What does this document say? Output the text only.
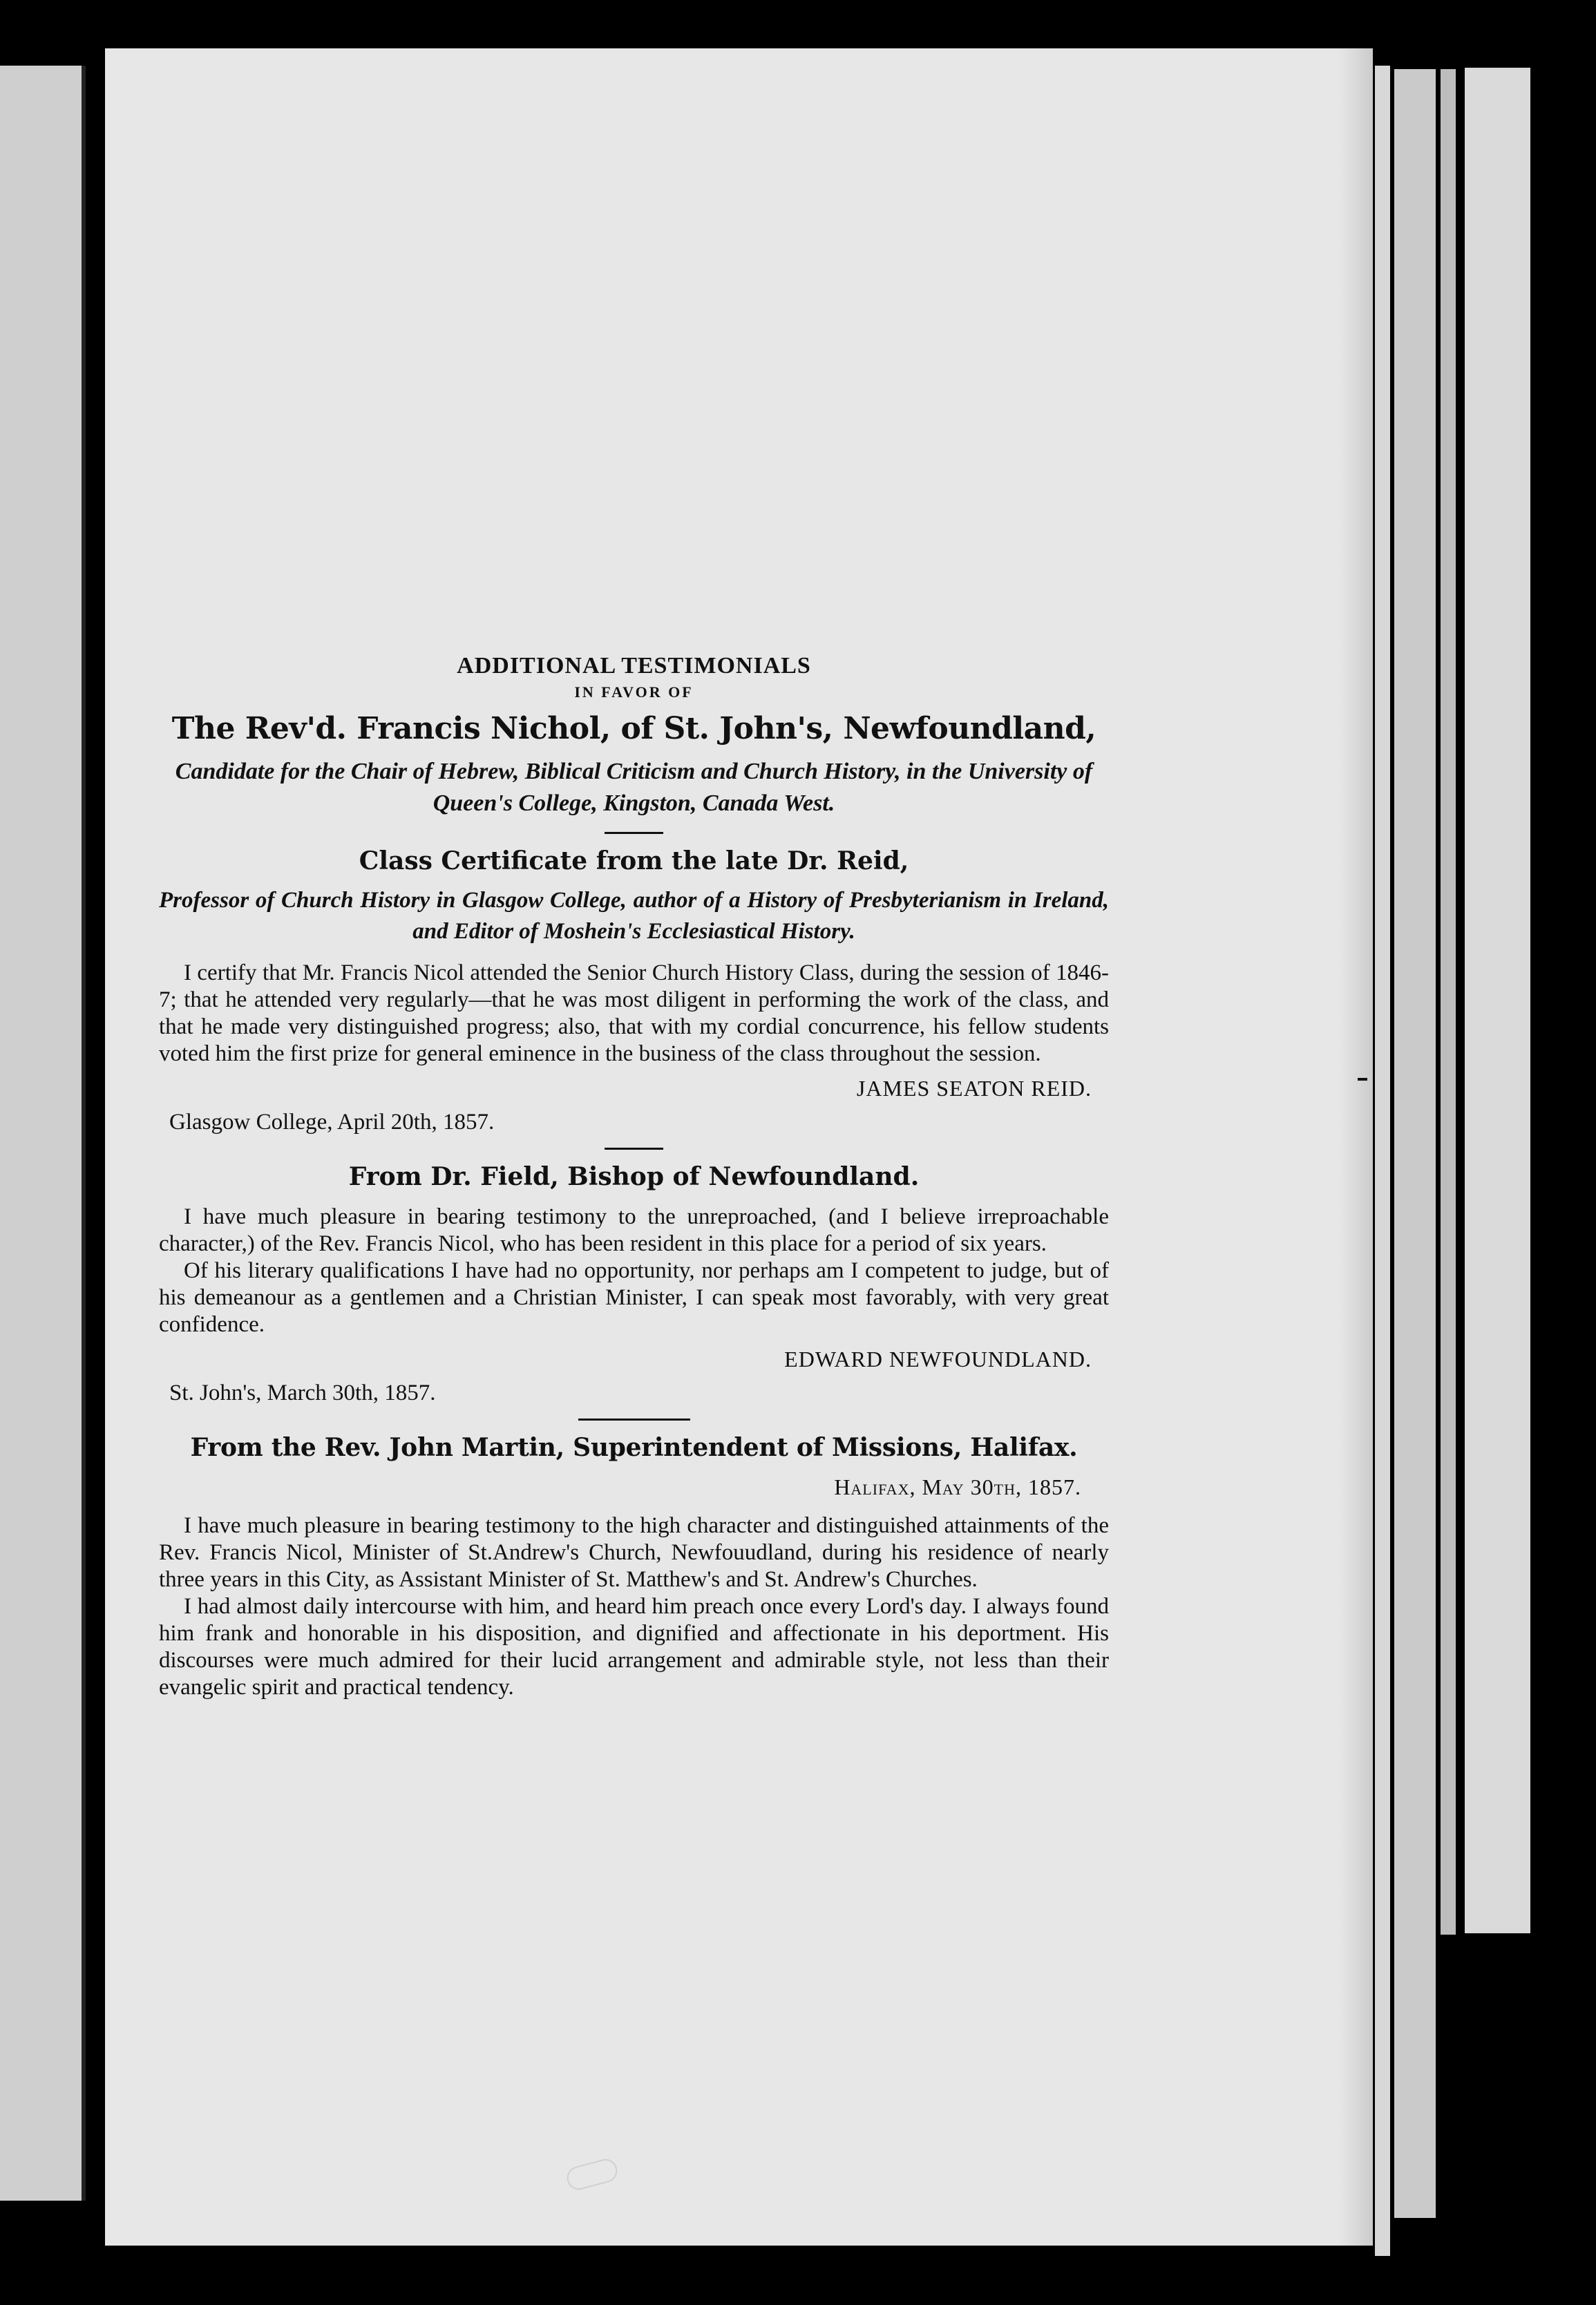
ADDITIONAL TESTIMONIALS

IN FAVOR OF

The Rev'd. Francis Nichol, of St. John's, Newfoundland,

Candidate for the Chair of Hebrew, Biblical Criticism and Church History, in the University of Queen's College, Kingston, Canada West.

Class Certificate from the late Dr. Reid,

Professor of Church History in Glasgow College, author of a History of Presbyterianism in Ireland, and Editor of Moshein's Ecclesiastical History.

I certify that Mr. Francis Nicol attended the Senior Church History Class, during the session of 1846-7; that he attended very regularly—that he was most diligent in performing the work of the class, and that he made very distinguished progress; also, that with my cordial concurrence, his fellow students voted him the first prize for general eminence in the business of the class throughout the session.

JAMES SEATON REID.

Glasgow College, April 20th, 1857.

From Dr. Field, Bishop of Newfoundland.

I have much pleasure in bearing testimony to the unreproached, (and I believe irreproachable character,) of the Rev. Francis Nicol, who has been resident in this place for a period of six years.

Of his literary qualifications I have had no opportunity, nor perhaps am I competent to judge, but of his demeanour as a gentlemen and a Christian Minister, I can speak most favorably, with very great confidence.

EDWARD NEWFOUNDLAND.

St. John's, March 30th, 1857.

From the Rev. John Martin, Superintendent of Missions, Halifax.

Halifax, May 30th, 1857.

I have much pleasure in bearing testimony to the high character and distinguished attainments of the Rev. Francis Nicol, Minister of St.Andrew's Church, Newfouudland, during his residence of nearly three years in this City, as Assistant Minister of St. Matthew's and St. Andrew's Churches.

I had almost daily intercourse with him, and heard him preach once every Lord's day. I always found him frank and honorable in his disposition, and dignified and affectionate in his deportment. His discourses were much admired for their lucid arrangement and admirable style, not less than their evangelic spirit and practical tendency.
